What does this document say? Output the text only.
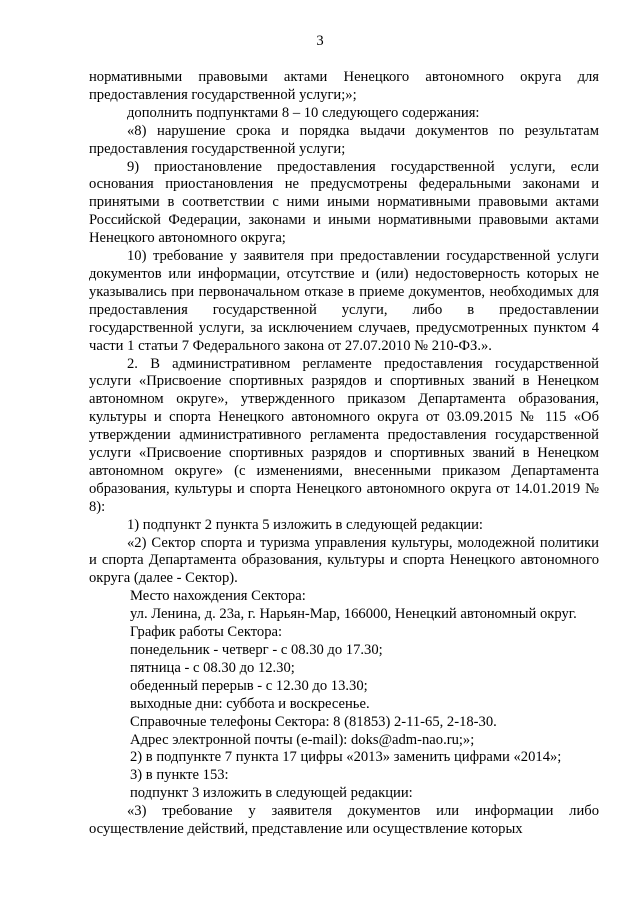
3

нормативными правовыми актами Ненецкого автономного округа для предоставления государственной услуги;»;

дополнить подпунктами 8 – 10 следующего содержания:

«8) нарушение срока и порядка выдачи документов по результатам предоставления государственной услуги;

9) приостановление предоставления государственной услуги, если основания приостановления не предусмотрены федеральными законами и принятыми в соответствии с ними иными нормативными правовыми актами Российской Федерации, законами и иными нормативными правовыми актами Ненецкого автономного округа;

10) требование у заявителя при предоставлении государственной услуги документов или информации, отсутствие и (или) недостоверность которых не указывались при первоначальном отказе в приеме документов, необходимых для предоставления государственной услуги, либо в предоставлении государственной услуги, за исключением случаев, предусмотренных пунктом 4 части 1 статьи 7 Федерального закона от 27.07.2010 № 210-ФЗ.».

2. В административном регламенте предоставления государственной услуги «Присвоение спортивных разрядов и спортивных званий в Ненецком автономном округе», утвержденного приказом Департамента образования, культуры и спорта Ненецкого автономного округа от 03.09.2015 № 115 «Об утверждении административного регламента предоставления государственной услуги «Присвоение спортивных разрядов и спортивных званий в Ненецком автономном округе» (с изменениями, внесенными приказом Департамента образования, культуры и спорта Ненецкого автономного округа от 14.01.2019 № 8):

1) подпункт 2 пункта 5 изложить в следующей редакции:

«2) Сектор спорта и туризма управления культуры, молодежной политики и спорта Департамента образования, культуры и спорта Ненецкого автономного округа (далее - Сектор).

Место нахождения Сектора:
ул. Ленина, д. 23а, г. Нарьян-Мар, 166000, Ненецкий автономный округ.
График работы Сектора:
понедельник - четверг - с 08.30 до 17.30;
пятница - с 08.30 до 12.30;
обеденный перерыв - с 12.30 до 13.30;
выходные дни: суббота и воскресенье.
Справочные телефоны Сектора: 8 (81853) 2-11-65, 2-18-30.
Адрес электронной почты (e-mail): doks@adm-nao.ru;»;
2) в подпункте 7 пункта 17 цифры «2013» заменить цифрами «2014»;
3) в пункте 153:
подпункт 3 изложить в следующей редакции:

«3) требование у заявителя документов или информации либо осуществление действий, представление или осуществление которых
